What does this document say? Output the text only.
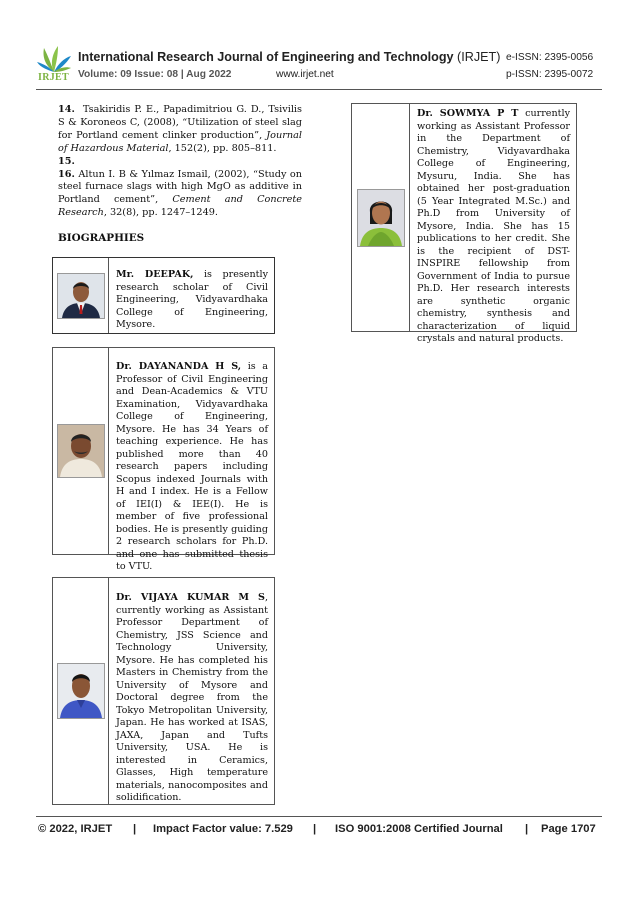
IRJET
International Research Journal of Engineering and Technology (IRJET) e-ISSN: 2395-0056
Volume: 09 Issue: 08 | Aug 2022	www.irjet.net	p-ISSN: 2395-0072

14. Tsakiridis P. E., Papadimitriou G. D., Tsivilis S & Koroneos C, (2008), “Utilization of steel slag for Portland cement clinker production”, Journal of Hazardous Material, 152(2), pp. 805–811.

15.

16. Altun I. B & Yılmaz Ismail, (2002), “Study on steel furnace slags with high MgO as additive in Portland cement”, Cement and Concrete Research, 32(8), pp. 1247–1249.

BIOGRAPHIES
Mr. DEEPAK, is presently research scholar of Civil Engineering, Vidyavardhaka College of Engineering, Mysore.
Dr. DAYANANDA H S, is a Professor of Civil Engineering and Dean-Academics & VTU Examination, Vidyavardhaka College of Engineering, Mysore. He has 34 Years of teaching experience. He has published more than 40 research papers including Scopus indexed Journals with H and I index. He is a Fellow of IEI(I) & IEE(I). He is member of five professional bodies. He is presently guiding 2 research scholars for Ph.D. and one has submitted thesis to VTU.
Dr. VIJAYA KUMAR M S, currently working as Assistant Professor Department of Chemistry, JSS Science and Technology University, Mysore. He has completed his Masters in Chemistry from the University of Mysore and Doctoral degree from the Tokyo Metropolitan University, Japan. He has worked at ISAS, JAXA, Japan and Tufts University, USA. He is interested in Ceramics, Glasses, High temperature materials, nanocomposites and solidification.
Dr. SOWMYA P T currently working as Assistant Professor in the Department of Chemistry, Vidyavardhaka College of Engineering, Mysuru, India. She has obtained her post-graduation (5 Year Integrated M.Sc.) and Ph.D from University of Mysore, India. She has 15 publications to her credit. She is the recipient of DST-INSPIRE fellowship from Government of India to pursue Ph.D. Her research interests are synthetic organic chemistry, synthesis and characterization of liquid crystals and natural products.
© 2022, IRJET | Impact Factor value: 7.529 | ISO 9001:2008 Certified Journal | Page 1707
